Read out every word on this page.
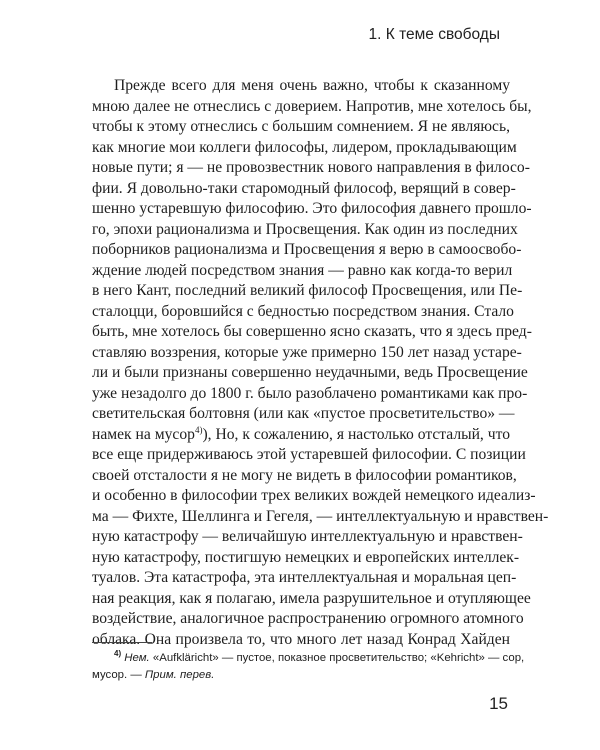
1. К теме свободы
Прежде всего для меня очень важно, чтобы к сказанному
мною далее не отнеслись с доверием. Напротив, мне хотелось бы,
чтобы к этому отнеслись с большим сомнением. Я не являюсь,
как многие мои коллеги философы, лидером, прокладывающим
новые пути; я — не провозвестник нового направления в филосо-
фии. Я довольно-таки старомодный философ, верящий в совер-
шенно устаревшую философию. Это философия давнего прошло-
го, эпохи рационализма и Просвещения. Как один из последних
поборников рационализма и Просвещения я верю в самоосвобо-
ждение людей посредством знания — равно как когда-то верил
в него Кант, последний великий философ Просвещения, или Пе-
сталоцци, боровшийся с бедностью посредством знания. Стало
быть, мне хотелось бы совершенно ясно сказать, что я здесь пред-
ставляю воззрения, которые уже примерно 150 лет назад устаре-
ли и были признаны совершенно неудачными, ведь Просвещение
уже незадолго до 1800 г. было разоблачено романтиками как про-
светительская болтовня (или как «пустое просветительство» —
намек на мусор$^{4)}$), Но, к сожалению, я настолько отсталый, что
все еще придерживаюсь этой устаревшей философии. С позиции
своей отсталости я не могу не видеть в философии романтиков,
и особенно в философии трех великих вождей немецкого идеализ-
ма — Фихте, Шеллинга и Гегеля, — интеллектуальную и нравствен-
ную катастрофу — величайшую интеллектуальную и нравствен-
ную катастрофу, постигшую немецких и европейских интеллек-
туалов. Эта катастрофа, эта интеллектуальная и моральная цеп-
ная реакция, как я полагаю, имела разрушительное и отупляющее
воздействие, аналогичное распространению огромного атомного
облака. Она произвела то, что много лет назад Конрад Хайден
$^{4)}$ Нем. «Aufkläricht» — пустое, показное просветительство; «Kehricht» — сор,
мусор. — Прим. перев.
15
